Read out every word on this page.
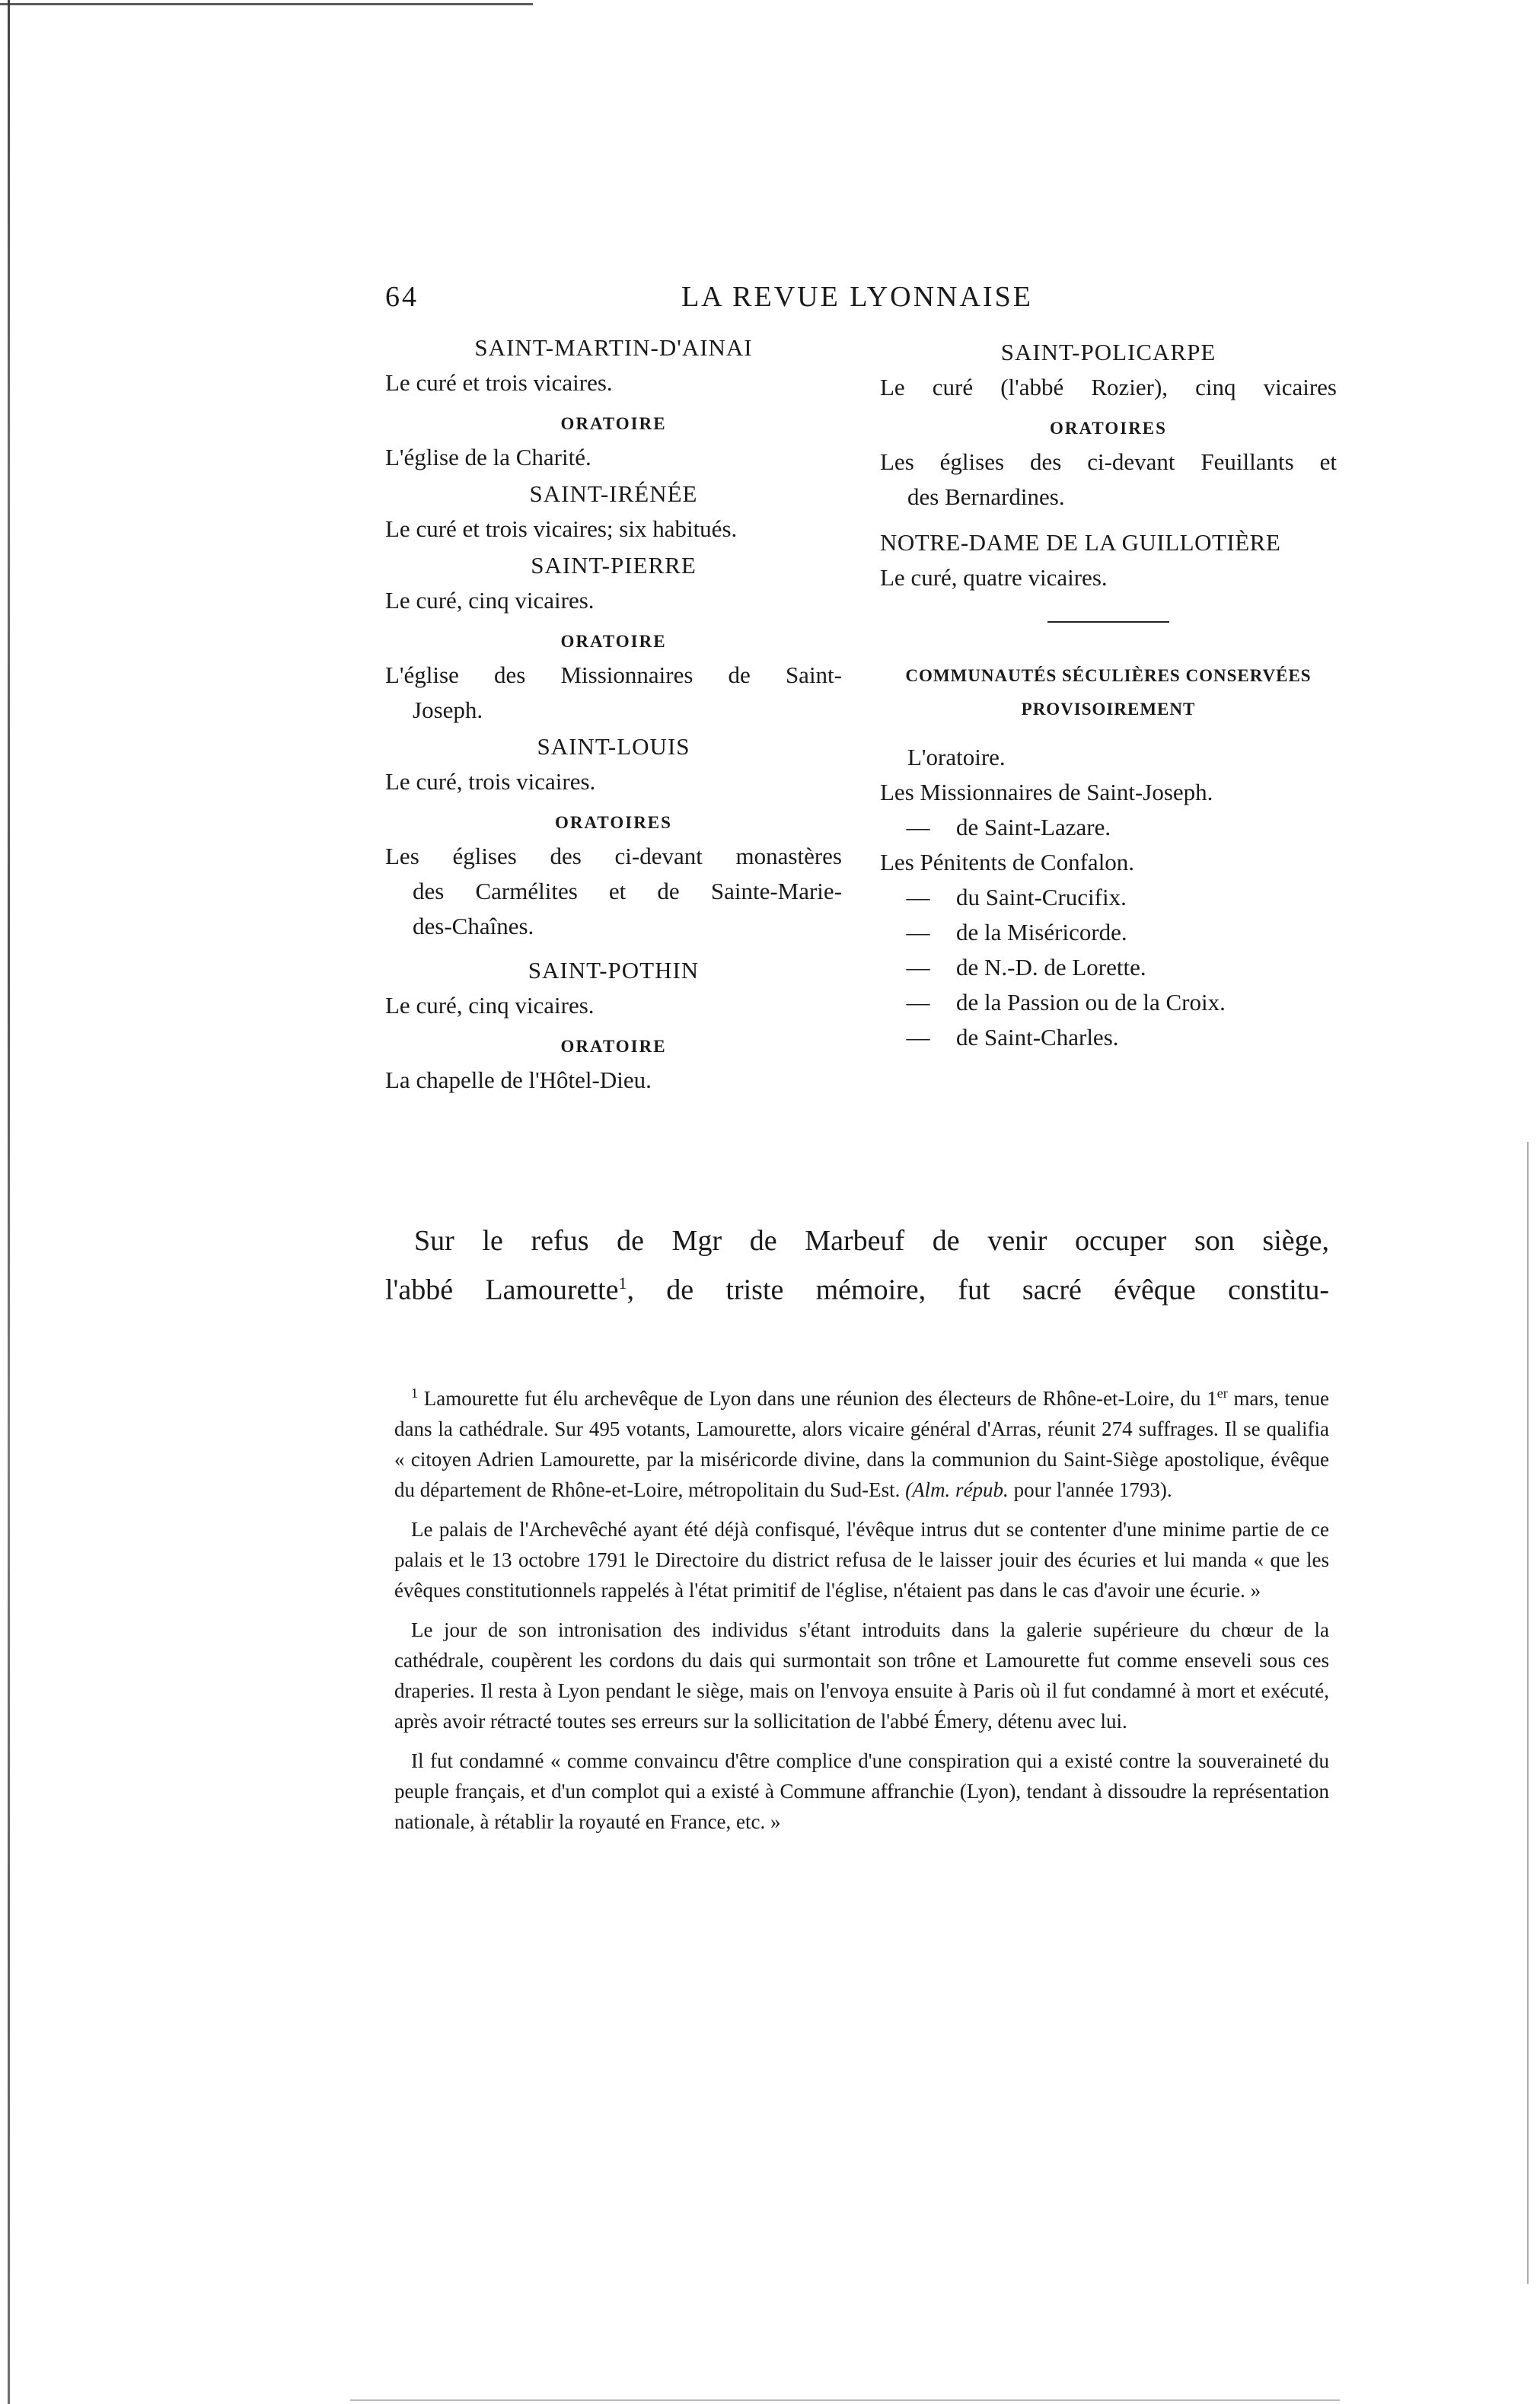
64	LA REVUE LYONNAISE
SAINT-MARTIN-D'AINAI
Le curé et trois vicaires.
ORATOIRE
L'église de la Charité.
SAINT-IRÉNÉE
Le curé et trois vicaires; six habitués.
SAINT-PIERRE
Le curé, cinq vicaires.
ORATOIRE
L'église des Missionnaires de Saint-
Joseph.
SAINT-LOUIS
Le curé, trois vicaires.
ORATOIRES
Les églises des ci-devant monastères
des Carmélites et de Sainte-Marie-
des-Chaînes.
SAINT-POTHIN
Le curé, cinq vicaires.
ORATOIRE
La chapelle de l'Hôtel-Dieu.
SAINT-POLICARPE
Le curé (l'abbé Rozier), cinq vicaires
ORATOIRES
Les églises des ci-devant Feuillants et
des Bernardines.
NOTRE-DAME DE LA GUILLOTIÈRE
Le curé, quatre vicaires.
COMMUNAUTÉS SÉCULIÈRES CONSERVÉES
PROVISOIREMENT
L'oratoire.
Les Missionnaires de Saint-Joseph.
— de Saint-Lazare.
Les Pénitents de Confalon.
— du Saint-Crucifix.
— de la Miséricorde.
— de N.-D. de Lorette.
— de la Passion ou de la Croix.
— de Saint-Charles.
Sur le refus de Mgr de Marbeuf de venir occuper son siège,
l'abbé Lamourette$^1$, de triste mémoire, fut sacré évêque constitu-

$^1$ Lamourette fut élu archevêque de Lyon dans une réunion des électeurs de Rhône-et-Loire, du 1er mars, tenue dans la cathédrale. Sur 495 votants, Lamourette, alors vicaire général d'Arras, réunit 274 suffrages. Il se qualifia « citoyen Adrien Lamourette, par la miséricorde divine, dans la communion du Saint-Siège apostolique, évêque du département de Rhône-et-Loire, métropolitain du Sud-Est. (Alm. répub. pour l'année 1793).

Le palais de l'Archevêché ayant été déjà confisqué, l'évêque intrus dut se contenter d'une minime partie de ce palais et le 13 octobre 1791 le Directoire du district refusa de le laisser jouir des écuries et lui manda « que les évêques constitutionnels rappelés à l'état primitif de l'église, n'étaient pas dans le cas d'avoir une écurie. »

Le jour de son intronisation des individus s'étant introduits dans la galerie supérieure du chœur de la cathédrale, coupèrent les cordons du dais qui surmontait son trône et Lamourette fut comme enseveli sous ces draperies. Il resta à Lyon pendant le siège, mais on l'envoya ensuite à Paris où il fut condamné à mort et exécuté, après avoir rétracté toutes ses erreurs sur la sollicitation de l'abbé Émery, détenu avec lui.

Il fut condamné « comme convaincu d'être complice d'une conspiration qui a existé contre la souveraineté du peuple français, et d'un complot qui a existé à Commune affranchie (Lyon), tendant à dissoudre la représentation nationale, à rétablir la royauté en France, etc. »
